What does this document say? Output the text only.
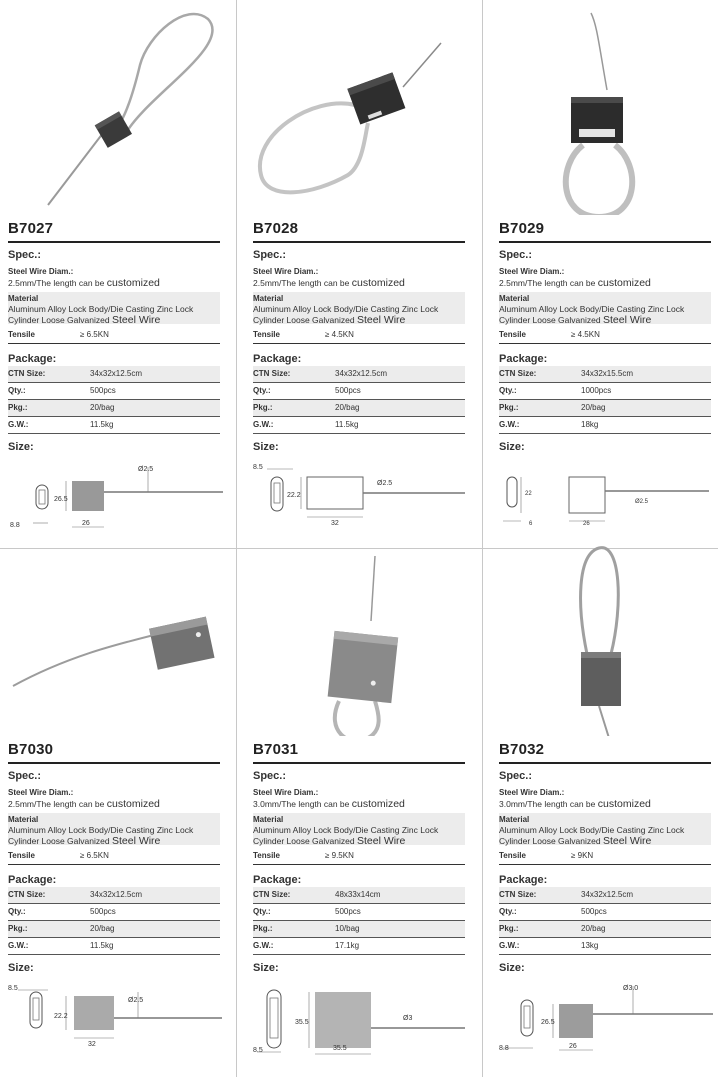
B7027
Spec.:
Steel Wire Diam.:
2.5mm/The length can be customized
Material
Aluminum Alloy Lock Body/Die Casting Zinc Lock Cylinder Loose Galvanized Steel Wire
Tensile	≥ 6.5KN
Package:
CTN Size:	34x32x12.5cm
Qty.:	500pcs
Pkg.:	20/bag
G.W.:	11.5kg
Size:
Ø2.5
26.5
8.8	26
B7028
Spec.:
Steel Wire Diam.:
2.5mm/The length can be customized
Material
Aluminum Alloy Lock Body/Die Casting Zinc Lock Cylinder Loose Galvanized Steel Wire
Tensile	≥ 4.5KN
Package:
CTN Size:	34x32x12.5cm
Qty.:	500pcs
Pkg.:	20/bag
G.W.:	11.5kg
Size:
8.5
22.2
Ø2.5
32
B7029
Spec.:
Steel Wire Diam.:
2.5mm/The length can be customized
Material
Aluminum Alloy Lock Body/Die Casting Zinc Lock Cylinder Loose Galvanized Steel Wire
Tensile	≥ 4.5KN
Package:
CTN Size:	34x32x15.5cm
Qty.:	1000pcs
Pkg.:	20/bag
G.W.:	18kg
Size:
22
Ø2.5
6	26
B7030
Spec.:
Steel Wire Diam.:
2.5mm/The length can be customized
Material
Aluminum Alloy Lock Body/Die Casting Zinc Lock Cylinder Loose Galvanized Steel Wire
Tensile	≥ 6.5KN
Package:
CTN Size:	34x32x12.5cm
Qty.:	500pcs
Pkg.:	20/bag
G.W.:	11.5kg
Size:
8.5
22.2
Ø2.5
32
B7031
Spec.:
Steel Wire Diam.:
3.0mm/The length can be customized
Material
Aluminum Alloy Lock Body/Die Casting Zinc Lock Cylinder Loose Galvanized Steel Wire
Tensile	≥ 9.5KN
Package:
CTN Size:	48x33x14cm
Qty.:	500pcs
Pkg.:	10/bag
G.W.:	17.1kg
Size:
35.5
Ø3
8.5	35.5
B7032
Spec.:
Steel Wire Diam.:
3.0mm/The length can be customized
Material
Aluminum Alloy Lock Body/Die Casting Zinc Lock Cylinder Loose Galvanized Steel Wire
Tensile	≥ 9KN
Package:
CTN Size:	34x32x12.5cm
Qty.:	500pcs
Pkg.:	20/bag
G.W.:	13kg
Size:
Ø3.0
26.5
8.8	26
